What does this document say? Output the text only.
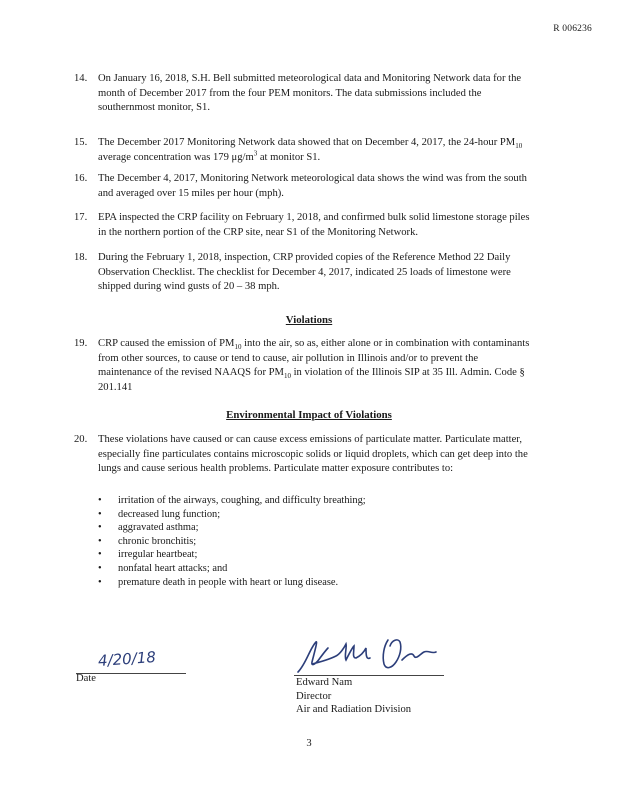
R 006236
14. On January 16, 2018, S.H. Bell submitted meteorological data and Monitoring Network data for the month of December 2017 from the four PEM monitors. The data submissions included the southernmost monitor, S1.
15. The December 2017 Monitoring Network data showed that on December 4, 2017, the 24-hour $PM_{10}$ average concentration was 179 $\mu g/m^3$ at monitor S1.
16. The December 4, 2017, Monitoring Network meteorological data shows the wind was from the south and averaged over 15 miles per hour (mph).
17. EPA inspected the CRP facility on February 1, 2018, and confirmed bulk solid limestone storage piles in the northern portion of the CRP site, near S1 of the Monitoring Network.
18. During the February 1, 2018, inspection, CRP provided copies of the Reference Method 22 Daily Observation Checklist. The checklist for December 4, 2017, indicated 25 loads of limestone were shipped during wind gusts of 20 – 38 mph.
Violations
19. CRP caused the emission of $PM_{10}$ into the air, so as, either alone or in combination with contaminants from other sources, to cause or tend to cause, air pollution in Illinois and/or to prevent the maintenance of the revised NAAQS for $PM_{10}$ in violation of the Illinois SIP at 35 Ill. Admin. Code § 201.141
Environmental Impact of Violations
20. These violations have caused or can cause excess emissions of particulate matter. Particulate matter, especially fine particulates contains microscopic solids or liquid droplets, which can get deep into the lungs and cause serious health problems. Particulate matter exposure contributes to:
• irritation of the airways, coughing, and difficulty breathing;
• decreased lung function;
• aggravated asthma;
• chronic bronchitis;
• irregular heartbeat;
• nonfatal heart attacks; and
• premature death in people with heart or lung disease.
4/20/18
Date	Edward Nam
Director
Air and Radiation Division
3
